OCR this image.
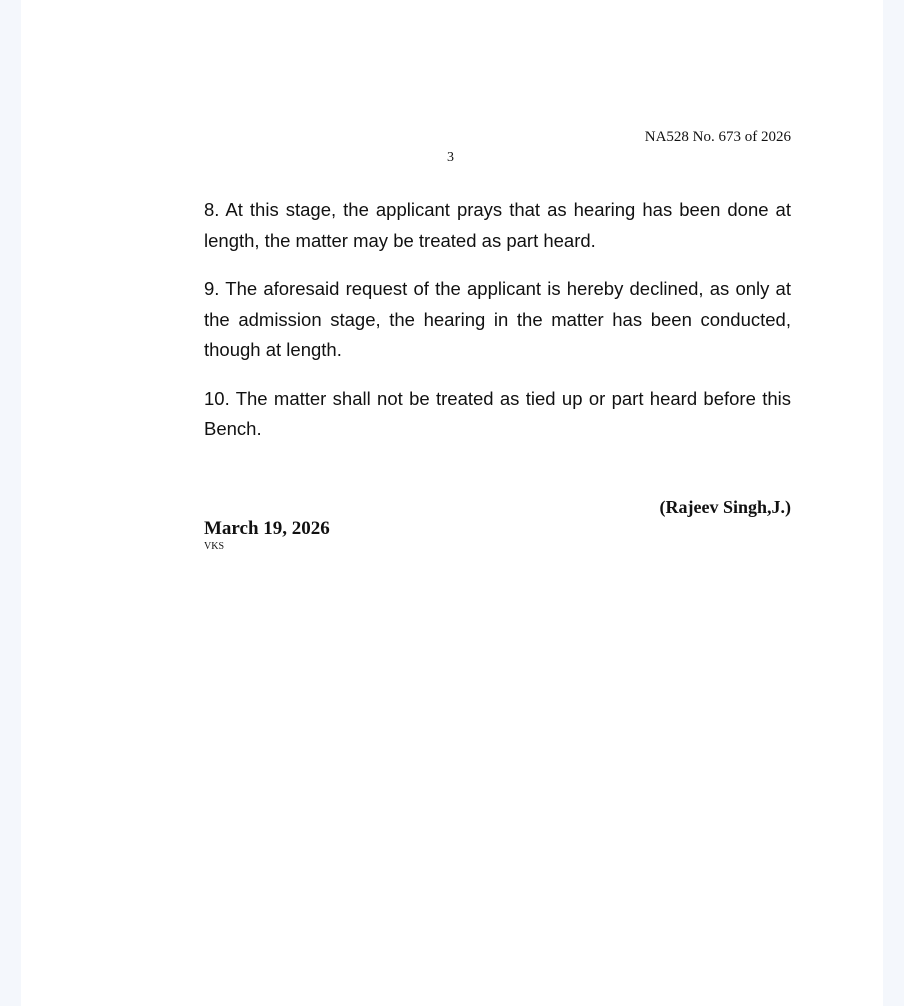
NA528 No. 673 of 2026
3

8. At this stage, the applicant prays that as hearing has been done at length, the matter may be treated as part heard.

9. The aforesaid request of the applicant is hereby declined, as only at the admission stage, the hearing in the matter has been conducted, though at length.

10. The matter shall not be treated as tied up or part heard before this Bench.

(Rajeev Singh,J.)
March 19, 2026
VKS
